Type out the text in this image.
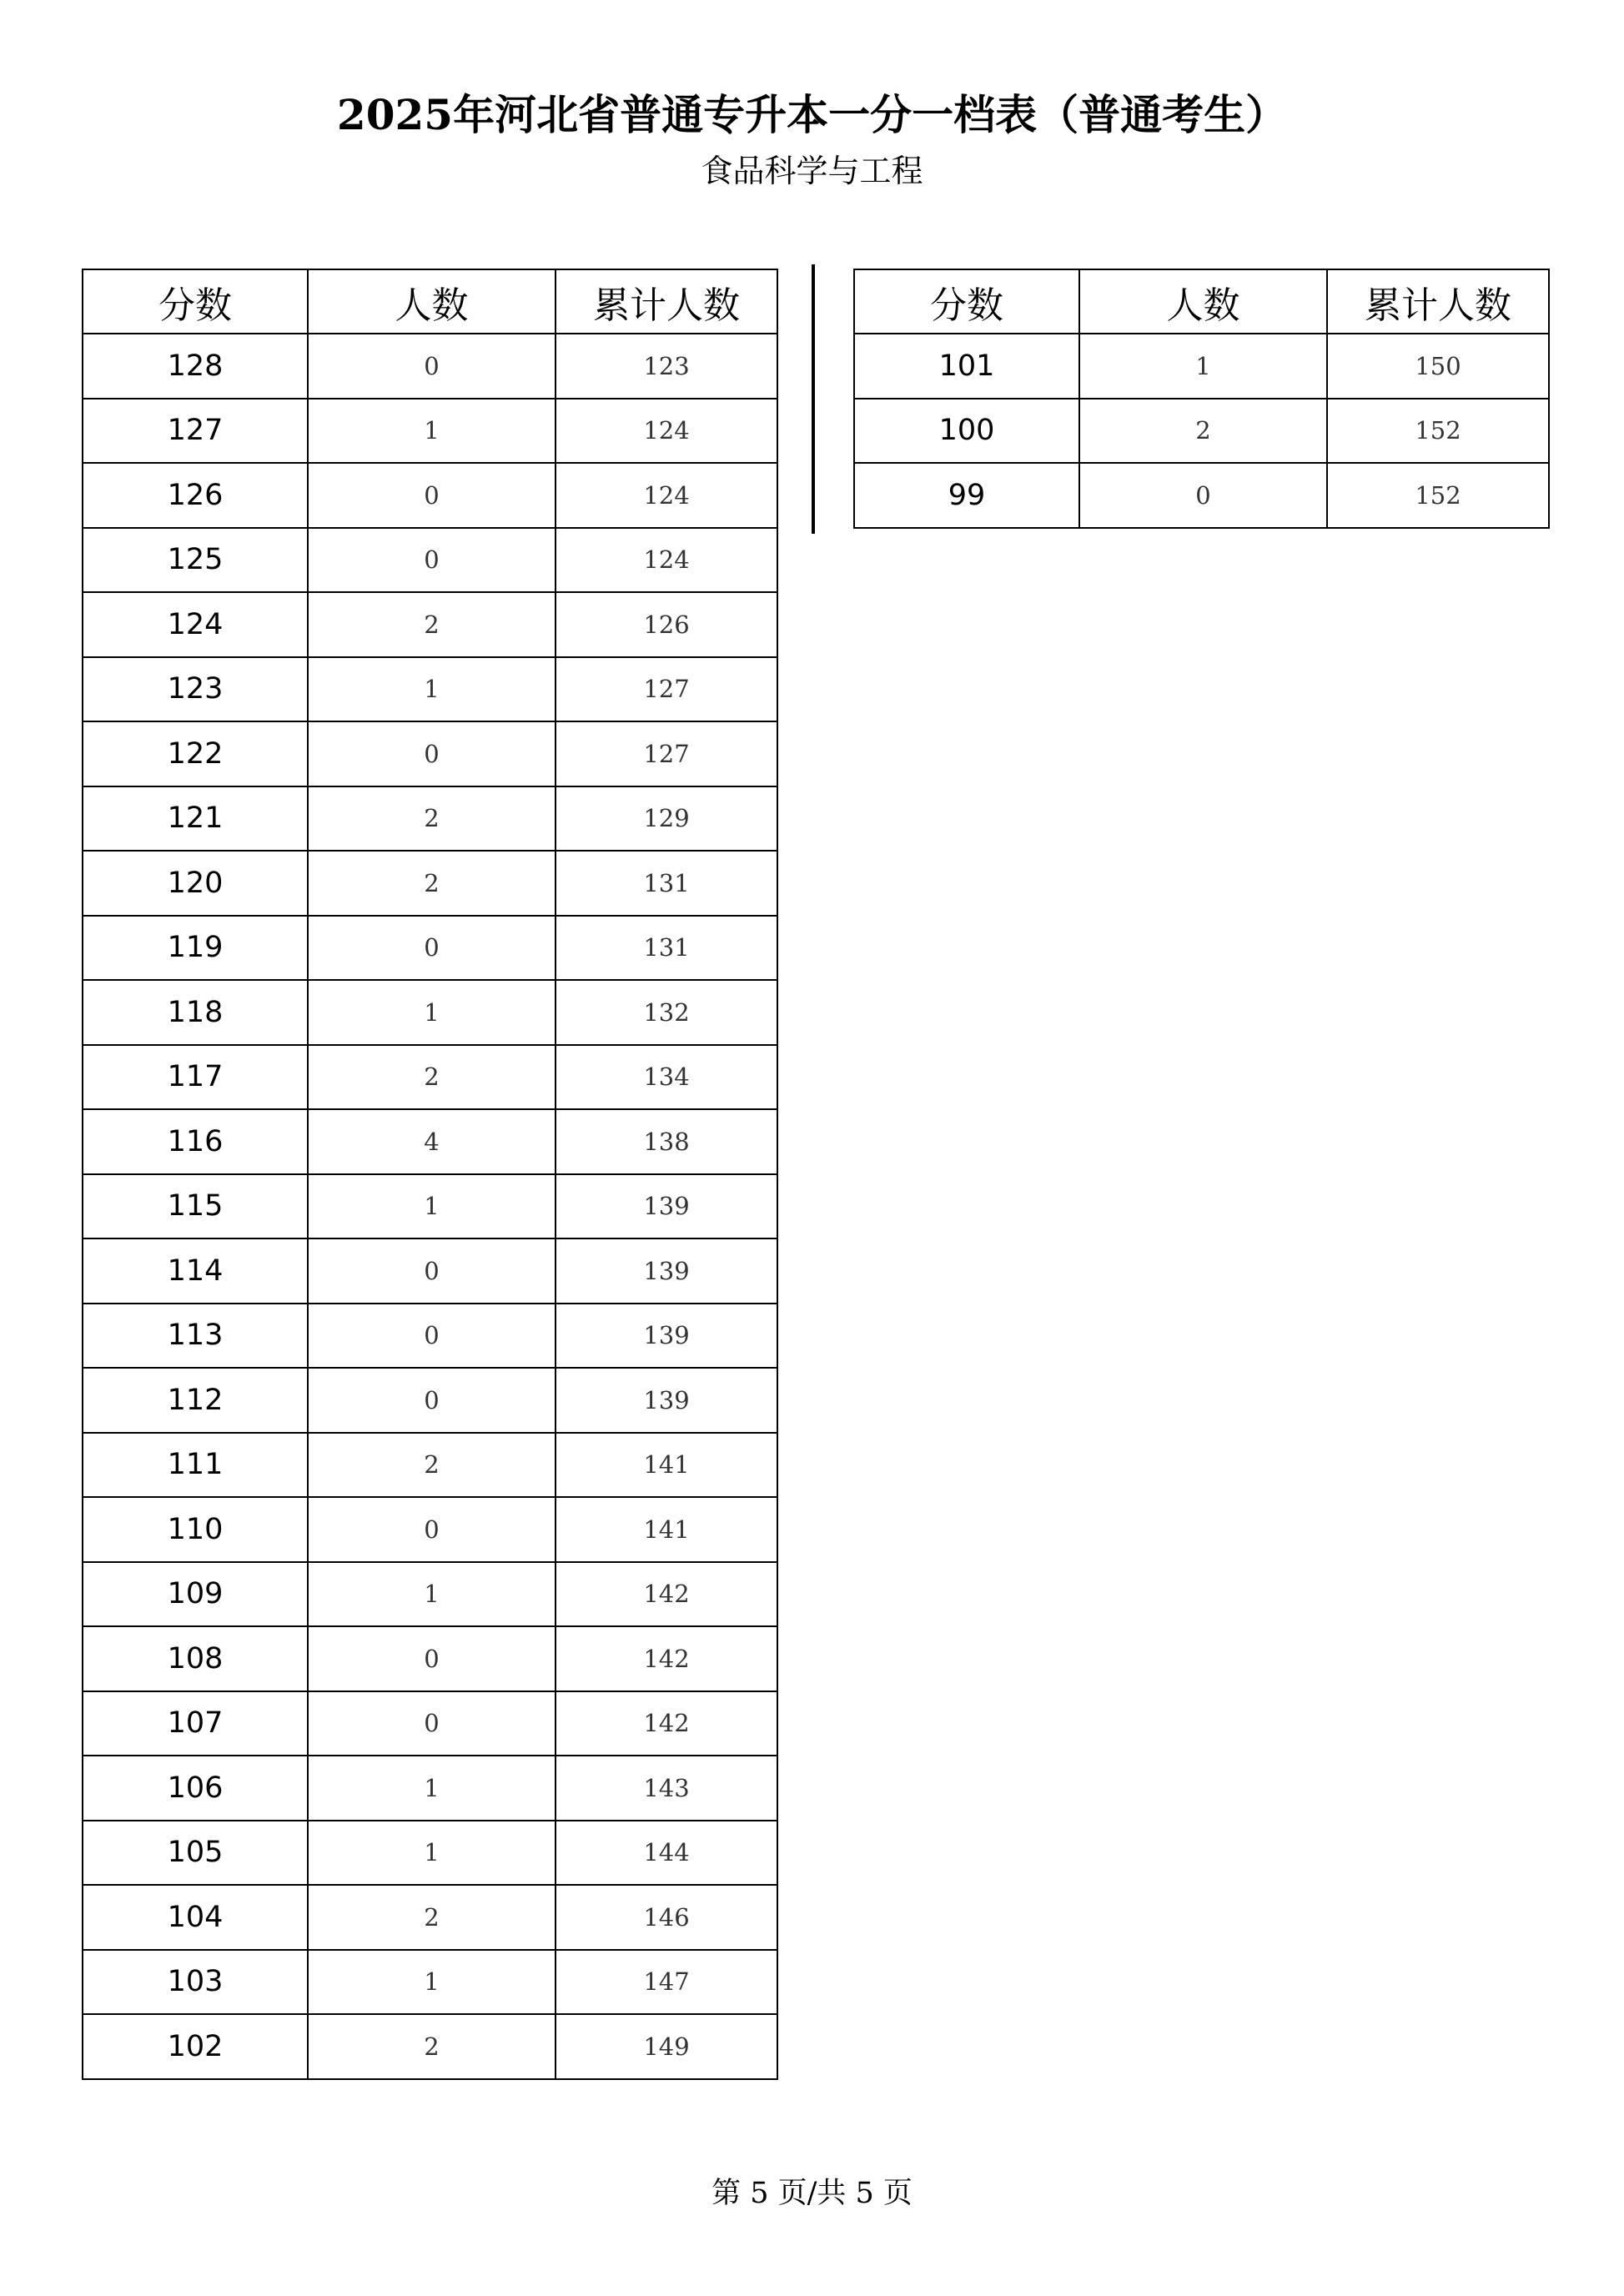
2025年河北省普通专升本一分一档表（普通考生）
食品科学与工程
分数	人数	累计人数
128	0	123
127	1	124
126	0	124
125	0	124
124	2	126
123	1	127
122	0	127
121	2	129
120	2	131
119	0	131
118	1	132
117	2	134
116	4	138
115	1	139
114	0	139
113	0	139
112	0	139
111	2	141
110	0	141
109	1	142
108	0	142
107	0	142
106	1	143
105	1	144
104	2	146
103	1	147
102	2	149
分数	人数	累计人数
101	1	150
100	2	152
99	0	152
第 5 页/共 5 页
